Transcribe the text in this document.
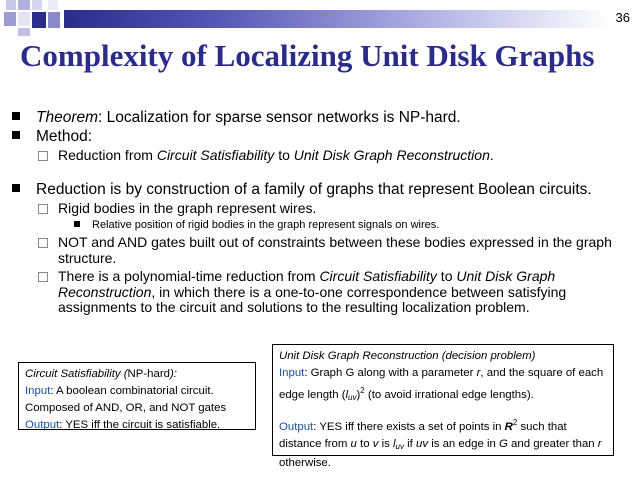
36
Complexity of Localizing Unit Disk Graphs
Theorem: Localization for sparse sensor networks is NP-hard.
Method:
Reduction from Circuit Satisfiability to Unit Disk Graph Reconstruction.
Reduction is by construction of a family of graphs that represent Boolean circuits.
Rigid bodies in the graph represent wires.
Relative position of rigid bodies in the graph represent signals on wires.
NOT and AND gates built out of constraints between these bodies expressed in the graph structure.
There is a polynomial-time reduction from Circuit Satisfiability to Unit Disk Graph Reconstruction, in which there is a one-to-one correspondence between satisfying assignments to the circuit and solutions to the resulting localization problem.
Circuit Satisfiability (NP-hard):
Input: A boolean combinatorial circuit.
Composed of AND, OR, and NOT gates
Output: YES iff the circuit is satisfiable.
Unit Disk Graph Reconstruction (decision problem)
Input: Graph G along with a parameter r, and the square of each edge length $(l_{uv})^2$ (to avoid irrational edge lengths).
Output: YES iff there exists a set of points in $R^2$ such that distance from u to v is $l_{uv}$ if uv is an edge in G and greater than r otherwise.
